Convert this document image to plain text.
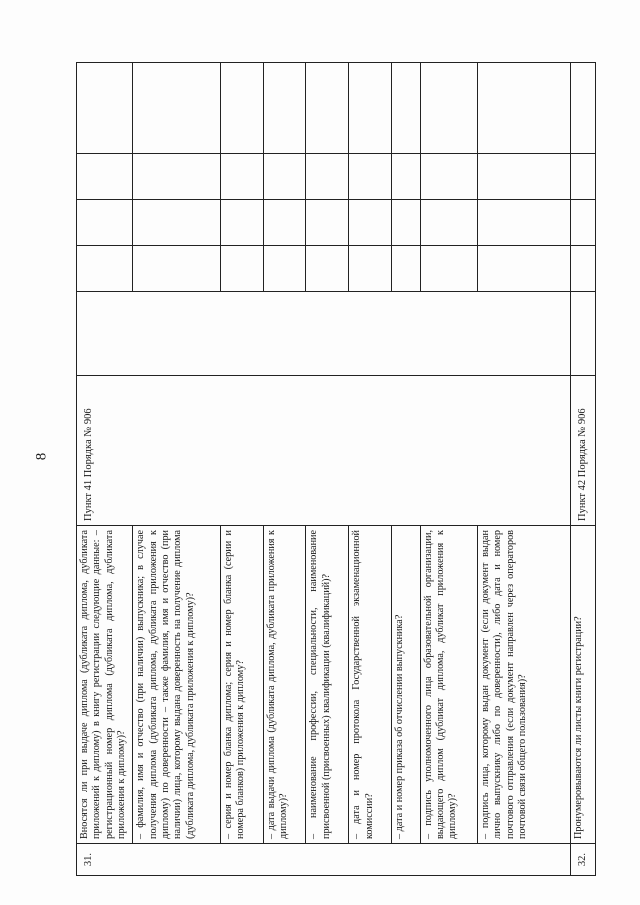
8
31.	Вносятся ли при выдаче диплома (дубликата диплома, дубликата приложений к диплому) в книгу регистрации следующие данные: – регистрационный номер диплома (дубликата диплома, дубликата приложения к диплому)?	Пункт 41 Порядка № 906					
	– фамилия, имя и отчество (при наличии) выпускника; в случае получения диплома (дубликата диплома, дубликата приложения к диплому) по доверенности – также фамилия, имя и отчество (при наличии) лица, которому выдана доверенность на получение диплома (дубликата диплома, дубликата приложения к диплому)?						
	– серия и номер бланка диплома; серия и номер бланка (серии и номера бланков) приложения к диплому?						
	– дата выдачи диплома (дубликата диплома, дубликата приложения к диплому)?						
	– наименование профессии, специальности, наименование присвоенной (присвоенных) квалификации (квалификаций)?						
	– дата и номер протокола Государственной экзаменационной комиссии?						
	– дата и номер приказа об отчислении выпускника?						
	– подпись уполномоченного лица образовательной организации, выдающего диплом (дубликат диплома, дубликат приложения к диплому)?						
	– подпись лица, которому выдан документ (если документ выдан лично выпускнику либо по доверенности), либо дата и номер почтового отправления (если документ направлен через операторов почтовой связи общего пользования)?						
32.	Пронумеровываются ли листы книги регистрации?	Пункт 42 Порядка № 906					
